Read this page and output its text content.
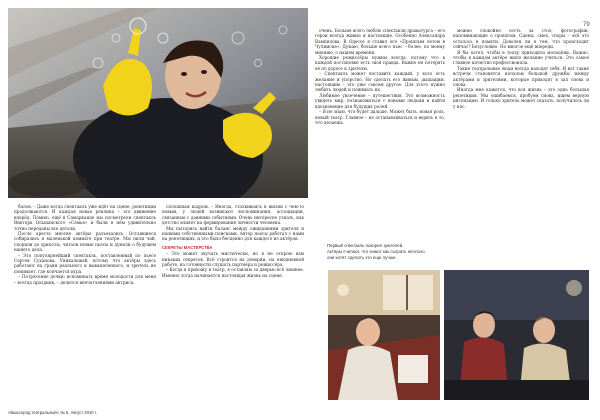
79

балов. – Даже когда спектакль уже идёт на сцене, репетиции продолжаются. И каждая новая реплика – это движение вперёд. Помню, ещё в Самарканде мы посмотрели спектакль Виктора Ольшанского «Семья» и были в нём удивительно точно переданы все детали.

После ареста многие актёры разъехались. Оставшиеся собирались в маленькой комнате при театре. Мы пили чай, спорили до хрипоты, читали новые пьесы и думали о будущем нашего дела.

– Это популярнейший спектакль, поставленный по пьесе Сергея Суханова. Уникальный, потому что актёры здесь работают на грани реального и вымышленного, и зритель не понимает, где кончается игра.

– Потрясение дочки: вспоминать время молодости для меня – всегда праздник, – делится впечатлениями актриса.

сплошным кадром. – Иногда, сталкиваясь в жизни с чем-то новым, у людей возникают воспоминания, ассоциации, связанные с давними событиями. Очень интересно узнать, как детство влияет на формирование личности человека.

Мы пытались найти баланс между ожиданиями зрителя и нашими собственными поисками. Автор пьесы работал с нами на репетициях, и это было бесценно для каждого из актёров.

СЕКРЕТЫ МАСТЕРСТВА

– Это может звучать мистически, но я не открою вам никаких секретов. Всё строится на доверии, на ежедневной работе, на готовности слушать партнёра и режиссёра.

– Когда я прихожу в театр, я оставляю за дверью всё лишнее. Именно тогда начинается настоящая жизнь на сцене.

очень. Больше всего люблю спектакли драматурга – его герои всегда живые и настоящие. Особенно Александра Вампилова. В Одессе я ставил его «Прошлым летом в Чулимске». Думаю, больше всего пьес – более, по моему мнению, о нашем времени.

Хорошие режиссёры нужны всегда, потому что в каждой постановке есть своя правда. Важно не потерять её по дороге к зрителю.

– Спектакль может поставить каждый, у кого есть желание и упорство. Но сделать его живым, дышащим, настоящим – это уже совсем другое. Для этого нужно любить людей и понимать их.

Любимое увлечение – путешествия. Это возможность увидеть мир, познакомиться с новыми людьми и найти вдохновение для будущих ролей.

– Я не знаю, что будет дальше. Может быть, новая роль, новый театр. Главное – не останавливаться и верить в то, что делаешь.

можно спокойно сесть за стол, фотографии, напоминающие о прошлом. Сцены, смех, споры – всё это осталось в памяти. Доволен ли я тем, что происходит сейчас? Безусловно. Но многое ещё впереди.

Я бы хотел, чтобы в театр приходила молодёжь. Важно, чтобы в каждом актёре жило желание учиться. Это самое главное качество профессионала.

Такие театральные люди всегда находят себя. И вот такие встречи становятся началом большой дружбы между актёрами и зрителями, которые приходят в зал снова и снова.

Иногда мне кажется, что вся жизнь – это одна большая репетиция. Мы ошибаемся, пробуем снова, ищем верную интонацию. И только зритель может сказать, получилось ли у нас.

Первый спектакль покорил зрителей.
Актёры считают, что знают как сыграть неплохо.
они хотят сделать это еще лучше.
«Вышгород театральный» № 6, Август 2010 г.
